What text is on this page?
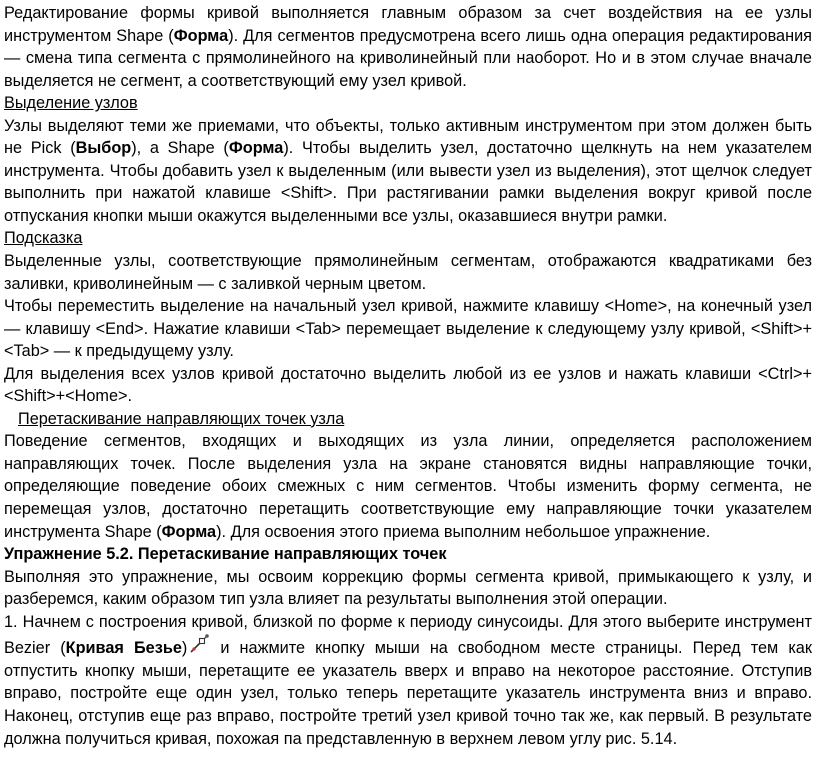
Редактирование формы кривой выполняется главным образом за счет воздействия на ее узлы инструментом Shape (Форма). Для сегментов предусмотрена всего лишь одна операция редактирования — смена типа сегмента с прямолинейного на криволинейный пли наоборот. Но и в этом случае вначале выделяется не сегмент, а соответствующий ему узел кривой.

Выделение узлов

Узлы выделяют теми же приемами, что объекты, только активным инструментом при этом должен быть не Pick (Выбор), a Shape (Форма). Чтобы выделить узел, достаточно щелкнуть на нем указателем инструмента. Чтобы добавить узел к выделенным (или вывести узел из выделения), этот щелчок следует выполнить при нажатой клавише <Shift>. При растягивании рамки выделения вокруг кривой после отпускания кнопки мыши окажутся выделенными все узлы, оказавшиеся внутри рамки.

Подсказка

Выделенные узлы, соответствующие прямолинейным сегментам, отображаются квадратиками без заливки, криволинейным — с заливкой черным цветом.

Чтобы переместить выделение на начальный узел кривой, нажмите клавишу <Home>, на конечный узел — клавишу <End>. Нажатие клавиши <Tab> перемещает выделение к следующему узлу кривой, <Shift>+<Tab> — к предыдущему узлу.

Для выделения всех узлов кривой достаточно выделить любой из ее узлов и нажать клавиши <Ctrl>+<Shift>+<Home>.

Перетаскивание направляющих точек узла

Поведение сегментов, входящих и выходящих из узла линии, определяется расположением направляющих точек. После выделения узла на экране становятся видны направляющие точки, определяющие поведение обоих смежных с ним сегментов. Чтобы изменить форму сегмента, не перемещая узлов, достаточно перетащить соответствующие ему направляющие точки указателем инструмента Shape (Форма). Для освоения этого приема выполним небольшое упражнение.

Упражнение 5.2. Перетаскивание направляющих точек

Выполняя это упражнение, мы освоим коррекцию формы сегмента кривой, примыкающего к узлу, и разберемся, каким образом тип узла влияет па результаты выполнения этой операции.

1. Начнем с построения кривой, близкой по форме к периоду синусоиды. Для этого выберите инструмент Bezier (Кривая Безье) и нажмите кнопку мыши на свободном месте страницы. Перед тем как отпустить кнопку мыши, перетащите ее указатель вверх и вправо на некоторое расстояние. Отступив вправо, постройте еще один узел, только теперь перетащите указатель инструмента вниз и вправо. Наконец, отступив еще раз вправо, постройте третий узел кривой точно так же, как первый. В результате должна получиться кривая, похожая па представленную в верхнем левом углу рис. 5.14.
